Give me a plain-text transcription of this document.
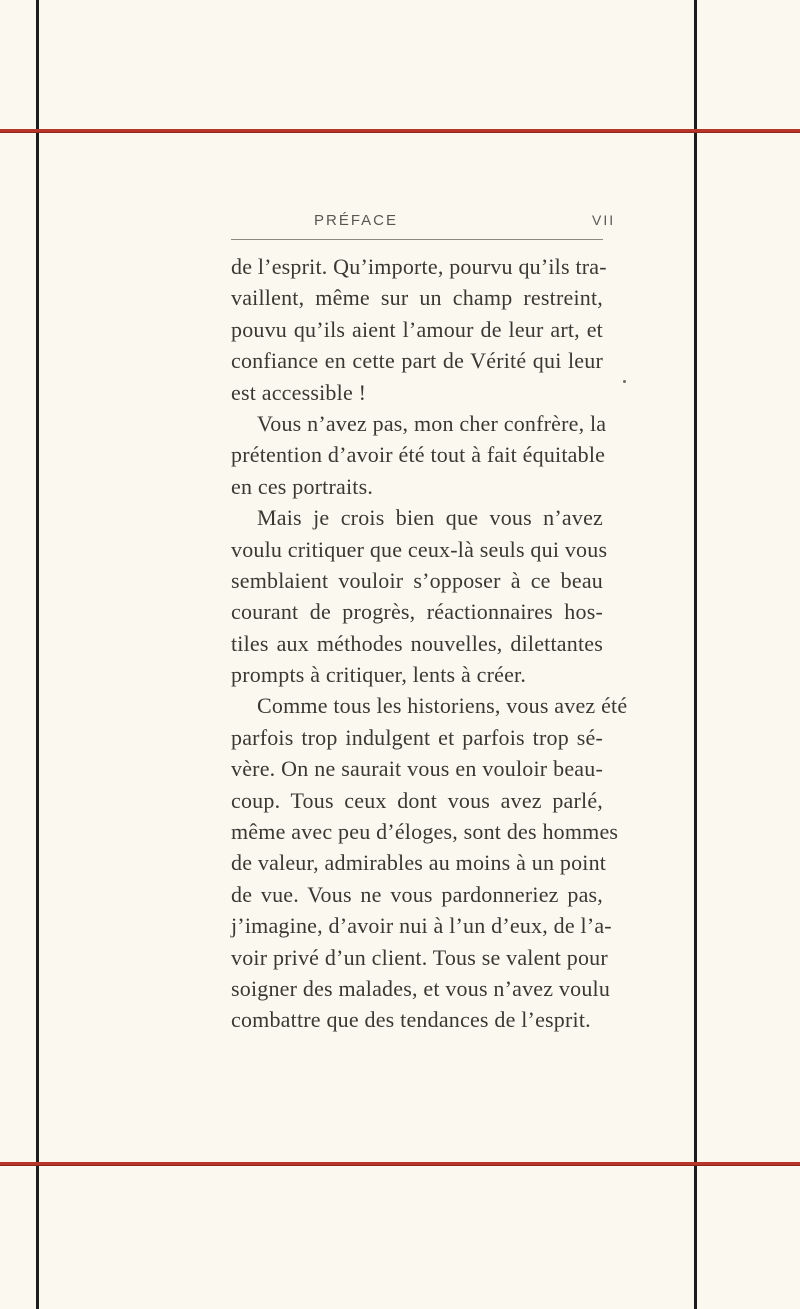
PRÉFACE	VII
de l’esprit. Qu’importe, pourvu qu’ils tra-
vaillent, même sur un champ restreint,
pouvu qu’ils aient l’amour de leur art, et
confiance en cette part de Vérité qui leur
est accessible !
Vous n’avez pas, mon cher confrère, la
prétention d’avoir été tout à fait équitable
en ces portraits.
Mais je crois bien que vous n’avez
voulu critiquer que ceux-là seuls qui vous
semblaient vouloir s’opposer à ce beau
courant de progrès, réactionnaires hos-
tiles aux méthodes nouvelles, dilettantes
prompts à critiquer, lents à créer.
Comme tous les historiens, vous avez été
parfois trop indulgent et parfois trop sé-
vère. On ne saurait vous en vouloir beau-
coup. Tous ceux dont vous avez parlé,
même avec peu d’éloges, sont des hommes
de valeur, admirables au moins à un point
de vue. Vous ne vous pardonneriez pas,
j’imagine, d’avoir nui à l’un d’eux, de l’a-
voir privé d’un client. Tous se valent pour
soigner des malades, et vous n’avez voulu
combattre que des tendances de l’esprit.
